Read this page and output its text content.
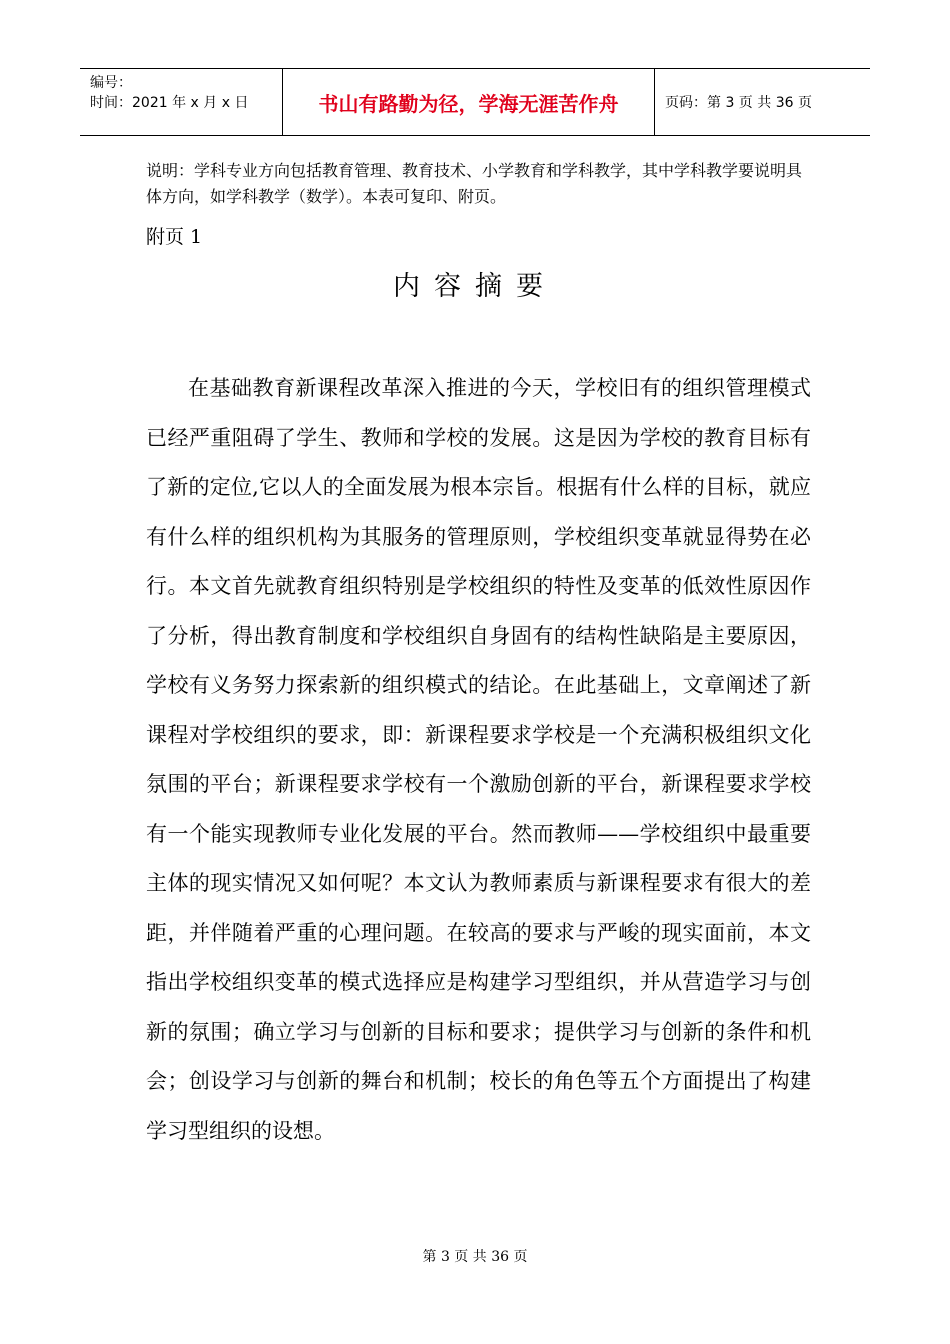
编号：
时间：2021 年 x 月 x 日	书山有路勤为径，学海无涯苦作舟	页码：第 3 页 共 36 页
说明：学科专业方向包括教育管理、教育技术、小学教育和学科教学，其中学科教学要说明具体方向，如学科教学（数学）。本表可复印、附页。
附页 1
内容摘要
在基础教育新课程改革深入推进的今天，学校旧有的组织管理模式已经严重阻碍了学生、教师和学校的发展。这是因为学校的教育目标有了新的定位,它以人的全面发展为根本宗旨。根据有什么样的目标，就应有什么样的组织机构为其服务的管理原则，学校组织变革就显得势在必行。本文首先就教育组织特别是学校组织的特性及变革的低效性原因作了分析，得出教育制度和学校组织自身固有的结构性缺陷是主要原因，学校有义务努力探索新的组织模式的结论。在此基础上，文章阐述了新课程对学校组织的要求，即：新课程要求学校是一个充满积极组织文化氛围的平台；新课程要求学校有一个激励创新的平台，新课程要求学校有一个能实现教师专业化发展的平台。然而教师——学校组织中最重要主体的现实情况又如何呢？本文认为教师素质与新课程要求有很大的差距，并伴随着严重的心理问题。在较高的要求与严峻的现实面前，本文指出学校组织变革的模式选择应是构建学习型组织，并从营造学习与创新的氛围；确立学习与创新的目标和要求；提供学习与创新的条件和机会；创设学习与创新的舞台和机制；校长的角色等五个方面提出了构建学习型组织的设想。
第 3 页 共 36 页
